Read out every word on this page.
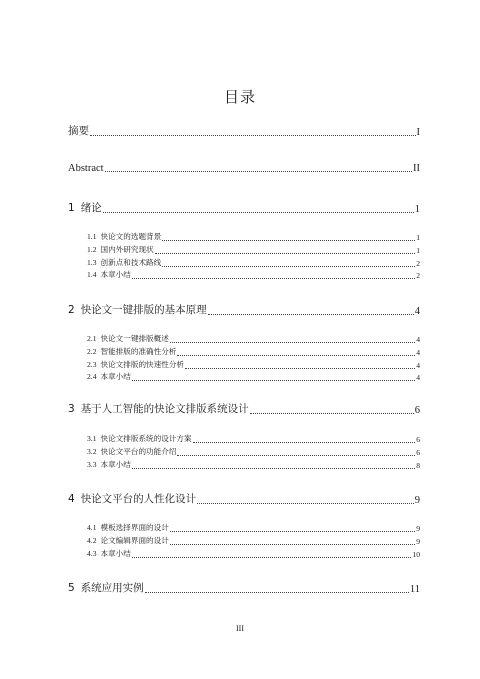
目录
摘要	I
Abstract	II
1 绪论	1
1.1 快论文的选题背景	1
1.2 国内外研究现状	1
1.3 创新点和技术路线	2
1.4 本章小结	2
2 快论文一键排版的基本原理	4
2.1 快论文一键排版概述	4
2.2 智能排版的准确性分析	4
2.3 快论文排版的快速性分析	4
2.4 本章小结	4
3 基于人工智能的快论文排版系统设计	6
3.1 快论文排版系统的设计方案	6
3.2 快论文平台的功能介绍	6
3.3 本章小结	8
4 快论文平台的人性化设计	9
4.1 模板选择界面的设计	9
4.2 论文编辑界面的设计	9
4.3 本章小结	10
5 系统应用实例	11
III
